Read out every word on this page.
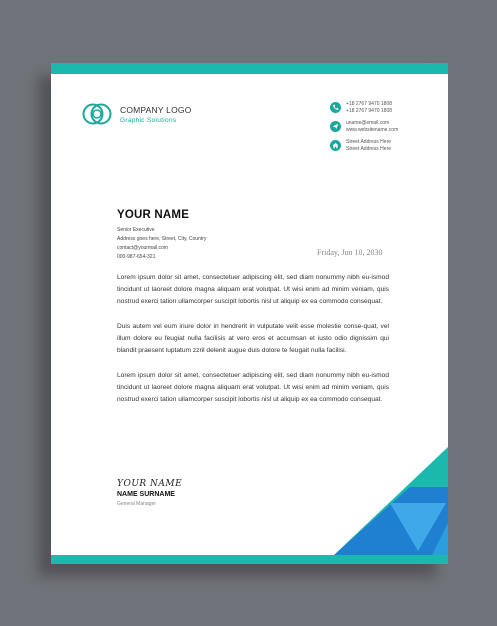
COMPANY LOGO
Graphic Solutions
+18 2767 9470 1808
+18 2767 9470 1808
uname@email.com
www.websitename.com
Street Address Here
Street Address Here
YOUR NAME
Senior Executive
Address goes here, Street, City, Country
contact@yourmail.com
000-987-654-321	Friday, Jun 10, 2030

Lorem ipsum dolor sit amet, consectetuer adipiscing elit, sed diam nonummy nibh eu-ismod tincidunt ut laoreet dolore magna aliquam erat volutpat. Ut wisi enim ad minim veniam, quis nostrud exerci tation ullamcorper suscipit lobortis nisl ut aliquip ex ea commodo consequat.

Duis autem vel eum iriure dolor in hendrerit in vulputate velit esse molestie conse-quat, vel illum dolore eu feugiat nulla facilisis at vero eros et accumsan et iusto odio dignissim qui blandit praesent luptatum zzril delenit augue duis dolore te feugait nulla facilisi.

Lorem ipsum dolor sit amet, consectetuer adipiscing elit, sed diam nonummy nibh eu-ismod tincidunt ut laoreet dolore magna aliquam erat volutpat. Ut wisi enim ad minim veniam, quis nostrud exerci tation ullamcorper suscipit lobortis nisl ut aliquip ex ea commodo consequat.

YOUR NAME
NAME SURNAME
General Manager
